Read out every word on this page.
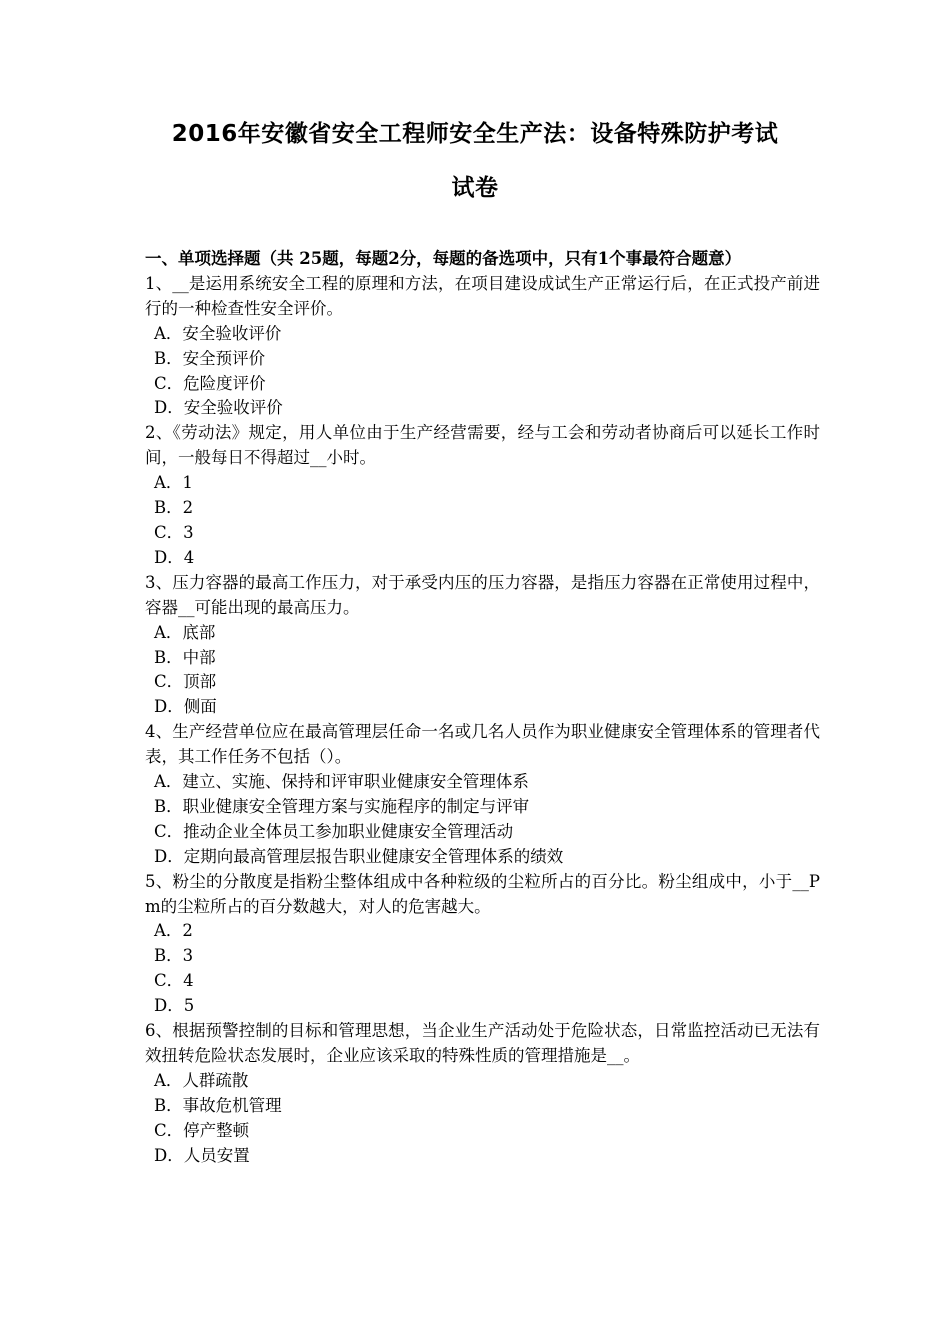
2016年安徽省安全工程师安全生产法：设备特殊防护考试
试卷

一、单项选择题（共 25题，每题2分，每题的备选项中，只有1个事最符合题意）

1、__是运用系统安全工程的原理和方法，在项目建设成试生产正常运行后，在正式投产前进行的一种检查性安全评价。

A．安全验收评价

B．安全预评价

C．危险度评价

D．安全验收评价

2、《劳动法》规定，用人单位由于生产经营需要，经与工会和劳动者协商后可以延长工作时间，一般每日不得超过__小时。

A．1

B．2

C．3

D．4

3、压力容器的最高工作压力，对于承受内压的压力容器，是指压力容器在正常使用过程中，容器__可能出现的最高压力。

A．底部

B．中部

C．顶部

D．侧面

4、生产经营单位应在最高管理层任命一名或几名人员作为职业健康安全管理体系的管理者代表，其工作任务不包括（）。

A．建立、实施、保持和评审职业健康安全管理体系

B．职业健康安全管理方案与实施程序的制定与评审

C．推动企业全体员工参加职业健康安全管理活动

D．定期向最高管理层报告职业健康安全管理体系的绩效

5、粉尘的分散度是指粉尘整体组成中各种粒级的尘粒所占的百分比。粉尘组成中，小于__Pm的尘粒所占的百分数越大，对人的危害越大。

A．2

B．3

C．4

D．5

6、根据预警控制的目标和管理思想，当企业生产活动处于危险状态，日常监控活动已无法有效扭转危险状态发展时，企业应该采取的特殊性质的管理措施是__。

A．人群疏散

B．事故危机管理

C．停产整顿

D．人员安置
